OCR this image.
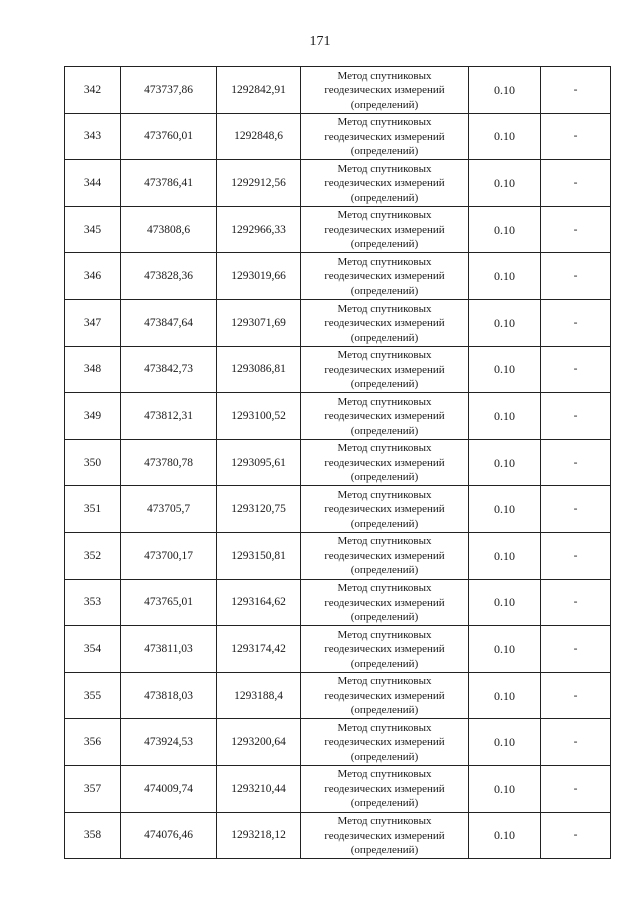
171
342	473737,86	1292842,91	Метод спутниковых
геодезических измерений
(определений)	0.10	-
343	473760,01	1292848,6	Метод спутниковых
геодезических измерений
(определений)	0.10	-
344	473786,41	1292912,56	Метод спутниковых
геодезических измерений
(определений)	0.10	-
345	473808,6	1292966,33	Метод спутниковых
геодезических измерений
(определений)	0.10	-
346	473828,36	1293019,66	Метод спутниковых
геодезических измерений
(определений)	0.10	-
347	473847,64	1293071,69	Метод спутниковых
геодезических измерений
(определений)	0.10	-
348	473842,73	1293086,81	Метод спутниковых
геодезических измерений
(определений)	0.10	-
349	473812,31	1293100,52	Метод спутниковых
геодезических измерений
(определений)	0.10	-
350	473780,78	1293095,61	Метод спутниковых
геодезических измерений
(определений)	0.10	-
351	473705,7	1293120,75	Метод спутниковых
геодезических измерений
(определений)	0.10	-
352	473700,17	1293150,81	Метод спутниковых
геодезических измерений
(определений)	0.10	-
353	473765,01	1293164,62	Метод спутниковых
геодезических измерений
(определений)	0.10	-
354	473811,03	1293174,42	Метод спутниковых
геодезических измерений
(определений)	0.10	-
355	473818,03	1293188,4	Метод спутниковых
геодезических измерений
(определений)	0.10	-
356	473924,53	1293200,64	Метод спутниковых
геодезических измерений
(определений)	0.10	-
357	474009,74	1293210,44	Метод спутниковых
геодезических измерений
(определений)	0.10	-
358	474076,46	1293218,12	Метод спутниковых
геодезических измерений
(определений)	0.10	-
